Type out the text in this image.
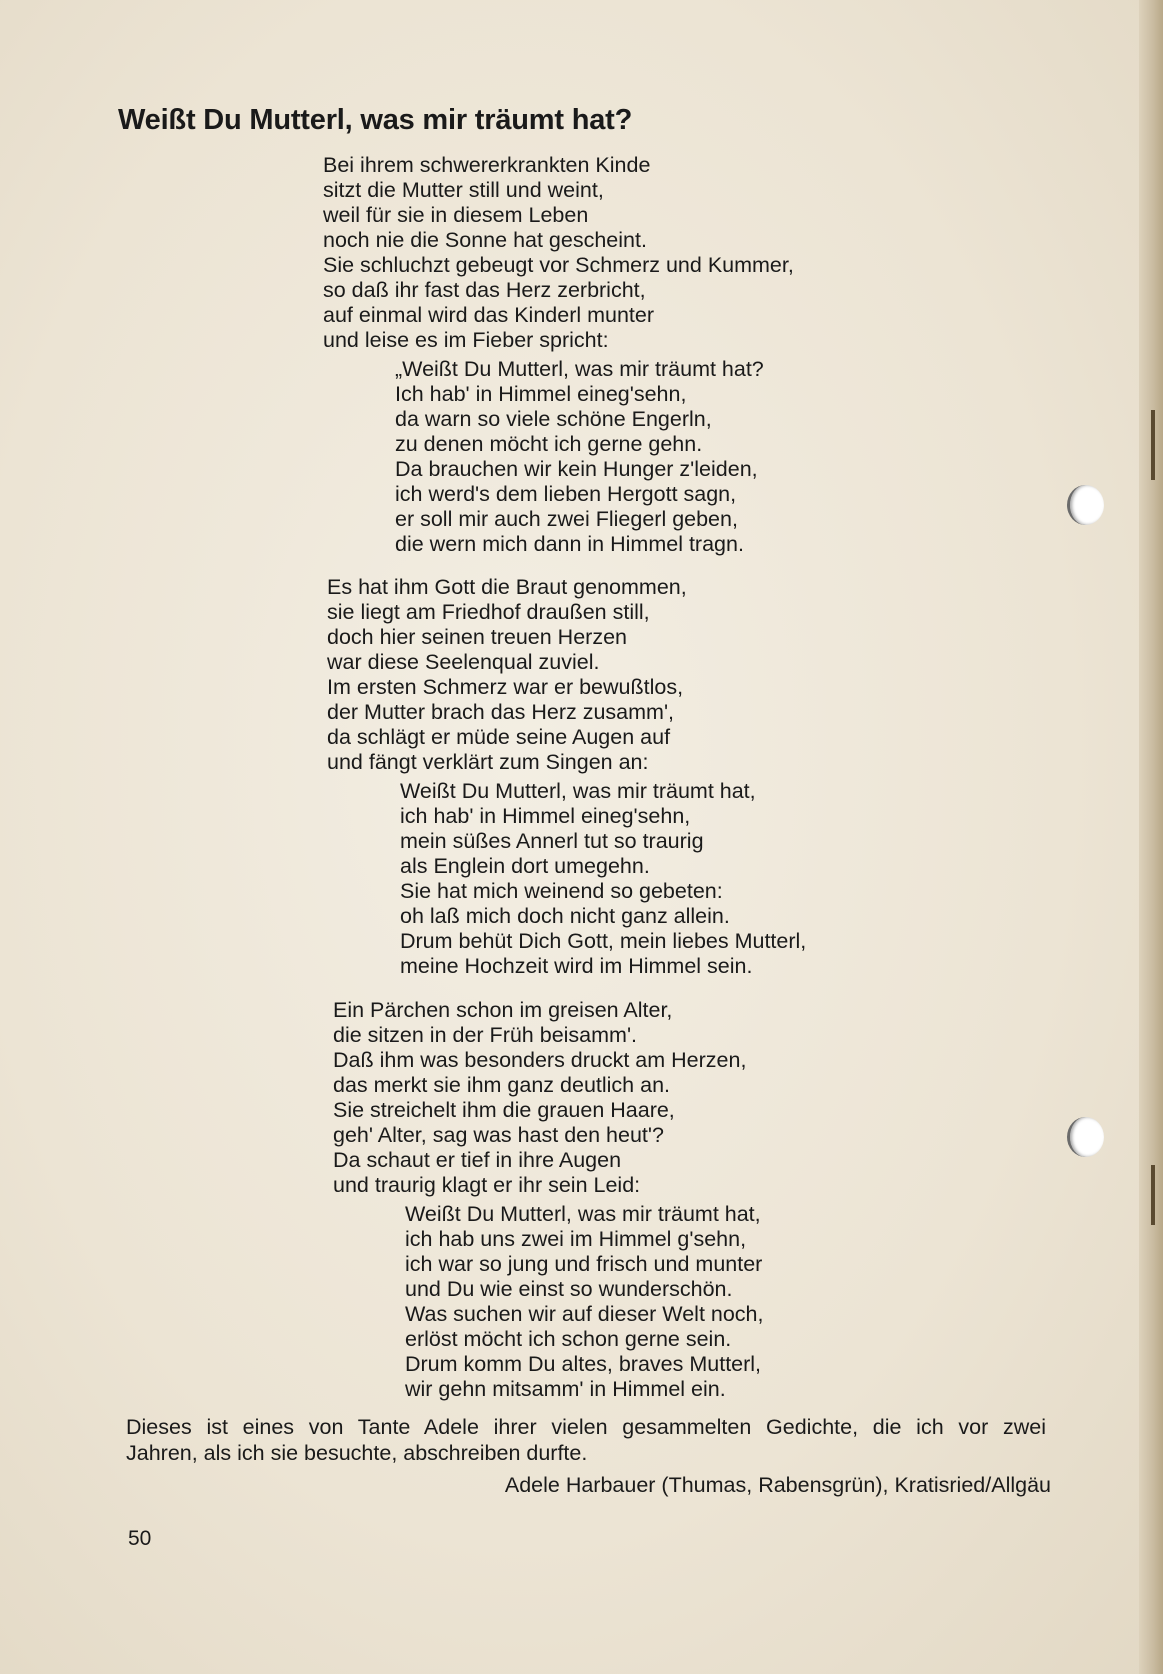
Weißt Du Mutterl, was mir träumt hat?
Bei ihrem schwererkrankten Kinde
sitzt die Mutter still und weint,
weil für sie in diesem Leben
noch nie die Sonne hat gescheint.
Sie schluchzt gebeugt vor Schmerz und Kummer,
so daß ihr fast das Herz zerbricht,
auf einmal wird das Kinderl munter
und leise es im Fieber spricht:
„Weißt Du Mutterl, was mir träumt hat?
Ich hab' in Himmel eineg'sehn,
da warn so viele schöne Engerln,
zu denen möcht ich gerne gehn.
Da brauchen wir kein Hunger z'leiden,
ich werd's dem lieben Hergott sagn,
er soll mir auch zwei Fliegerl geben,
die wern mich dann in Himmel tragn.
Es hat ihm Gott die Braut genommen,
sie liegt am Friedhof draußen still,
doch hier seinen treuen Herzen
war diese Seelenqual zuviel.
Im ersten Schmerz war er bewußtlos,
der Mutter brach das Herz zusamm',
da schlägt er müde seine Augen auf
und fängt verklärt zum Singen an:
Weißt Du Mutterl, was mir träumt hat,
ich hab' in Himmel eineg'sehn,
mein süßes Annerl tut so traurig
als Englein dort umegehn.
Sie hat mich weinend so gebeten:
oh laß mich doch nicht ganz allein.
Drum behüt Dich Gott, mein liebes Mutterl,
meine Hochzeit wird im Himmel sein.
Ein Pärchen schon im greisen Alter,
die sitzen in der Früh beisamm'.
Daß ihm was besonders druckt am Herzen,
das merkt sie ihm ganz deutlich an.
Sie streichelt ihm die grauen Haare,
geh' Alter, sag was hast den heut'?
Da schaut er tief in ihre Augen
und traurig klagt er ihr sein Leid:
Weißt Du Mutterl, was mir träumt hat,
ich hab uns zwei im Himmel g'sehn,
ich war so jung und frisch und munter
und Du wie einst so wunderschön.
Was suchen wir auf dieser Welt noch,
erlöst möcht ich schon gerne sein.
Drum komm Du altes, braves Mutterl,
wir gehn mitsamm' in Himmel ein.
Dieses ist eines von Tante Adele ihrer vielen gesammelten Gedichte, die ich vor zwei
Jahren, als ich sie besuchte, abschreiben durfte.
Adele Harbauer (Thumas, Rabensgrün), Kratisried/Allgäu
50
